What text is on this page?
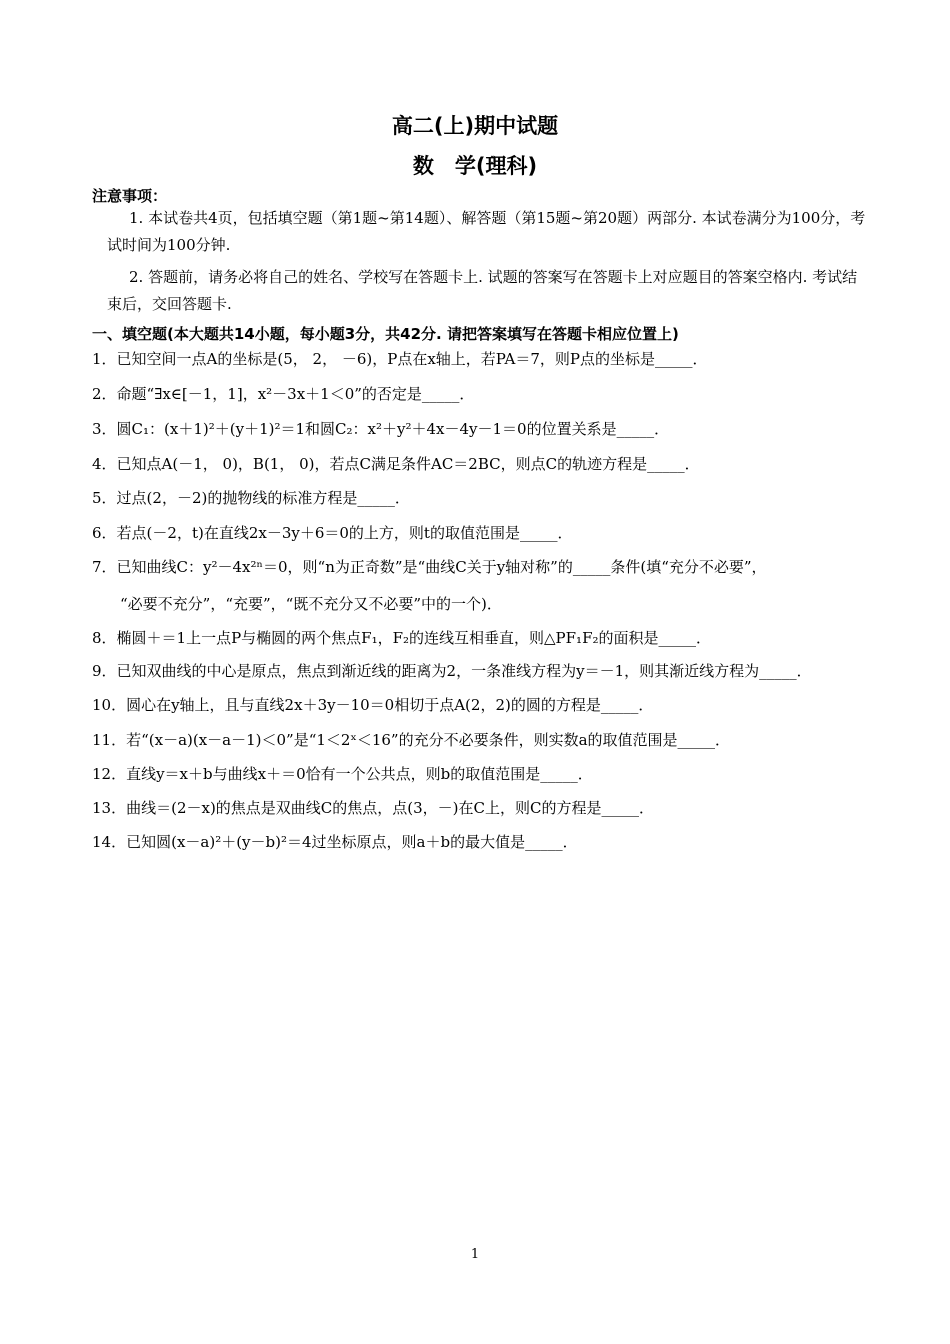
高二(上)期中试题
数　学(理科)
注意事项：
1. 本试卷共4页，包括填空题（第1题~第14题）、解答题（第15题~第20题）两部分. 本试卷满分为100分，考试时间为100分钟.
2. 答题前，请务必将自己的姓名、学校写在答题卡上. 试题的答案写在答题卡上对应题目的答案空格内. 考试结束后，交回答题卡.
一、填空题(本大题共14小题，每小题3分，共42分. 请把答案填写在答题卡相应位置上)
1．已知空间一点A的坐标是(5， 2， －6)，P点在x轴上，若PA＝7，则P点的坐标是_____．
2．命题“∃x∈[－1，1]，x²－3x＋1＜0”的否定是_____．
3．圆C₁：(x＋1)²＋(y＋1)²＝1和圆C₂：x²＋y²＋4x－4y－1＝0的位置关系是_____．
4．已知点A(－1， 0)，B(1， 0)，若点C满足条件AC＝2BC，则点C的轨迹方程是_____．
5．过点(2，－2)的抛物线的标准方程是_____．
6．若点(－2，t)在直线2x－3y＋6＝0的上方，则t的取值范围是_____．
7．已知曲线C：y²－4x²ⁿ＝0，则“n为正奇数”是“曲线C关于y轴对称”的_____条件(填“充分不必要”，
“必要不充分”，“充要”，“既不充分又不必要”中的一个)．
8．椭圆＋＝1上一点P与椭圆的两个焦点F₁，F₂的连线互相垂直，则△PF₁F₂的面积是_____．
9．已知双曲线的中心是原点，焦点到渐近线的距离为2，一条准线方程为y＝－1，则其渐近线方程为_____．
10．圆心在y轴上，且与直线2x＋3y－10＝0相切于点A(2，2)的圆的方程是_____．
11．若“(x－a)(x－a－1)＜0”是“1＜2ˣ＜16”的充分不必要条件，则实数a的取值范围是_____．
12．直线y＝x＋b与曲线x＋＝0恰有一个公共点，则b的取值范围是_____．
13．曲线＝(2－x)的焦点是双曲线C的焦点，点(3，－)在C上，则C的方程是_____．
14．已知圆(x－a)²＋(y－b)²＝4过坐标原点，则a＋b的最大值是_____．
1
